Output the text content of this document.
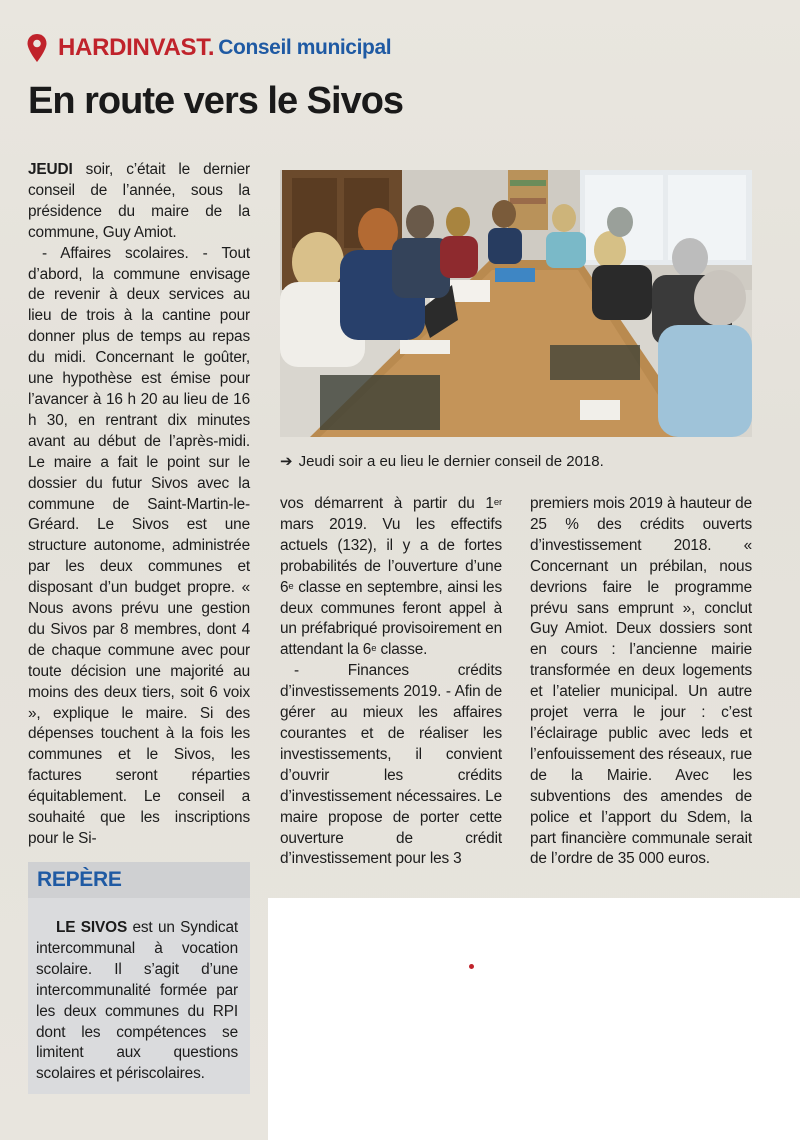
HARDINVAST. Conseil municipal
En route vers le Sivos

JEUDI soir, c’était le dernier conseil de l’année, sous la présidence du maire de la commune, Guy Amiot.

- Affaires scolaires. - Tout d’abord, la commune envisage de revenir à deux services au lieu de trois à la cantine pour donner plus de temps au repas du midi. Concernant le goûter, une hypothèse est émise pour l’avancer à 16 h 20 au lieu de 16 h 30, en rentrant dix minutes avant au début de l’après-midi. Le maire a fait le point sur le dossier du futur Sivos avec la commune de Saint-Martin-le-Gréard. Le Sivos est une structure autonome, administrée par les deux communes et disposant d’un budget propre. « Nous avons prévu une gestion du Sivos par 8 membres, dont 4 de chaque commune avec pour toute décision une majorité au moins des deux tiers, soit 6 voix », explique le maire. Si des dépenses touchent à la fois les communes et le Sivos, les factures seront réparties équitablement. Le conseil a souhaité que les inscriptions pour le Si-

➔ Jeudi soir a eu lieu le dernier conseil de 2018.

vos démarrent à partir du 1er mars 2019. Vu les effectifs actuels (132), il y a de fortes probabilités de l’ouverture d’une 6e classe en septembre, ainsi les deux communes feront appel à un préfabriqué provisoirement en attendant la 6e classe.

- Finances crédits d’investissements 2019. - Afin de gérer au mieux les affaires courantes et de réaliser les investissements, il convient d’ouvrir les crédits d’investissement nécessaires. Le maire propose de porter cette ouverture de crédit d’investissement pour les 3

premiers mois 2019 à hauteur de 25 % des crédits ouverts d’investissement 2018. « Concernant un prébilan, nous devrions faire le programme prévu sans emprunt », conclut Guy Amiot. Deux dossiers sont en cours : l’ancienne mairie transformée en deux logements et l’atelier municipal. Un autre projet verra le jour : c’est l’éclairage public avec leds et l’enfouissement des réseaux, rue de la Mairie. Avec les subventions des amendes de police et l’apport du Sdem, la part financière communale serait de l’ordre de 35 000 euros.

REPÈRE

LE SIVOS est un Syndicat intercommunal à vocation scolaire. Il s’agit d’une intercommunalité formée par les deux communes du RPI dont les compétences se limitent aux questions scolaires et périscolaires.
